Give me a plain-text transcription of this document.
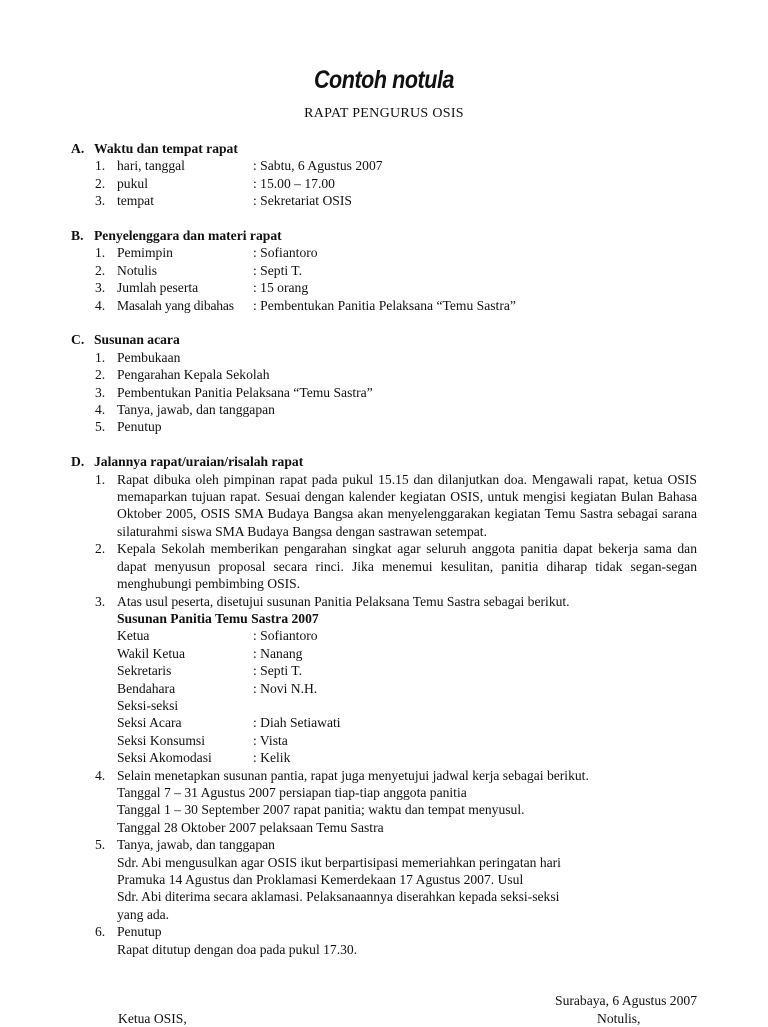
Contoh notula
RAPAT PENGURUS OSIS
A. Waktu dan tempat rapat
1. hari, tanggal	: Sabtu, 6 Agustus 2007
2. pukul	: 15.00 – 17.00
3. tempat	: Sekretariat OSIS
B. Penyelenggara dan materi rapat
1. Pemimpin	: Sofiantoro
2. Notulis	: Septi T.
3. Jumlah peserta	: 15 orang
4. Masalah yang dibahas	: Pembentukan Panitia Pelaksana “Temu Sastra”
C. Susunan acara
1. Pembukaan
2. Pengarahan Kepala Sekolah
3. Pembentukan Panitia Pelaksana “Temu Sastra”
4. Tanya, jawab, dan tanggapan
5. Penutup
D. Jalannya rapat/uraian/risalah rapat
1. Rapat dibuka oleh pimpinan rapat pada pukul 15.15 dan dilanjutkan doa. Mengawali rapat, ketua OSIS memaparkan tujuan rapat. Sesuai dengan kalender kegiatan OSIS, untuk mengisi kegiatan Bulan Bahasa Oktober 2005, OSIS SMA Budaya Bangsa akan menyelenggarakan kegiatan Temu Sastra sebagai sarana silaturahmi siswa SMA Budaya Bangsa dengan sastrawan setempat.
2. Kepala Sekolah memberikan pengarahan singkat agar seluruh anggota panitia dapat bekerja sama dan dapat menyusun proposal secara rinci. Jika menemui kesulitan, panitia diharap tidak segan-segan menghubungi pembimbing OSIS.
3. Atas usul peserta, disetujui susunan Panitia Pelaksana Temu Sastra sebagai berikut.
Susunan Panitia Temu Sastra 2007
Ketua	: Sofiantoro
Wakil Ketua	: Nanang
Sekretaris	: Septi T.
Bendahara	: Novi N.H.
Seksi-seksi
Seksi Acara	: Diah Setiawati
Seksi Konsumsi	: Vista
Seksi Akomodasi	: Kelik
4. Selain menetapkan susunan pantia, rapat juga menyetujui jadwal kerja sebagai berikut.
Tanggal 7 – 31 Agustus 2007 persiapan tiap-tiap anggota panitia
Tanggal 1 – 30 September 2007 rapat panitia; waktu dan tempat menyusul.
Tanggal 28 Oktober 2007 pelaksaan Temu Sastra
5. Tanya, jawab, dan tanggapan
Sdr. Abi mengusulkan agar OSIS ikut berpartisipasi memeriahkan peringatan hari
Pramuka 14 Agustus dan Proklamasi Kemerdekaan 17 Agustus 2007. Usul
Sdr. Abi diterima secara aklamasi. Pelaksanaannya diserahkan kepada seksi-seksi
yang ada.
6. Penutup
Rapat ditutup dengan doa pada pukul 17.30.
Surabaya, 6 Agustus 2007
Ketua OSIS,	Notulis,
